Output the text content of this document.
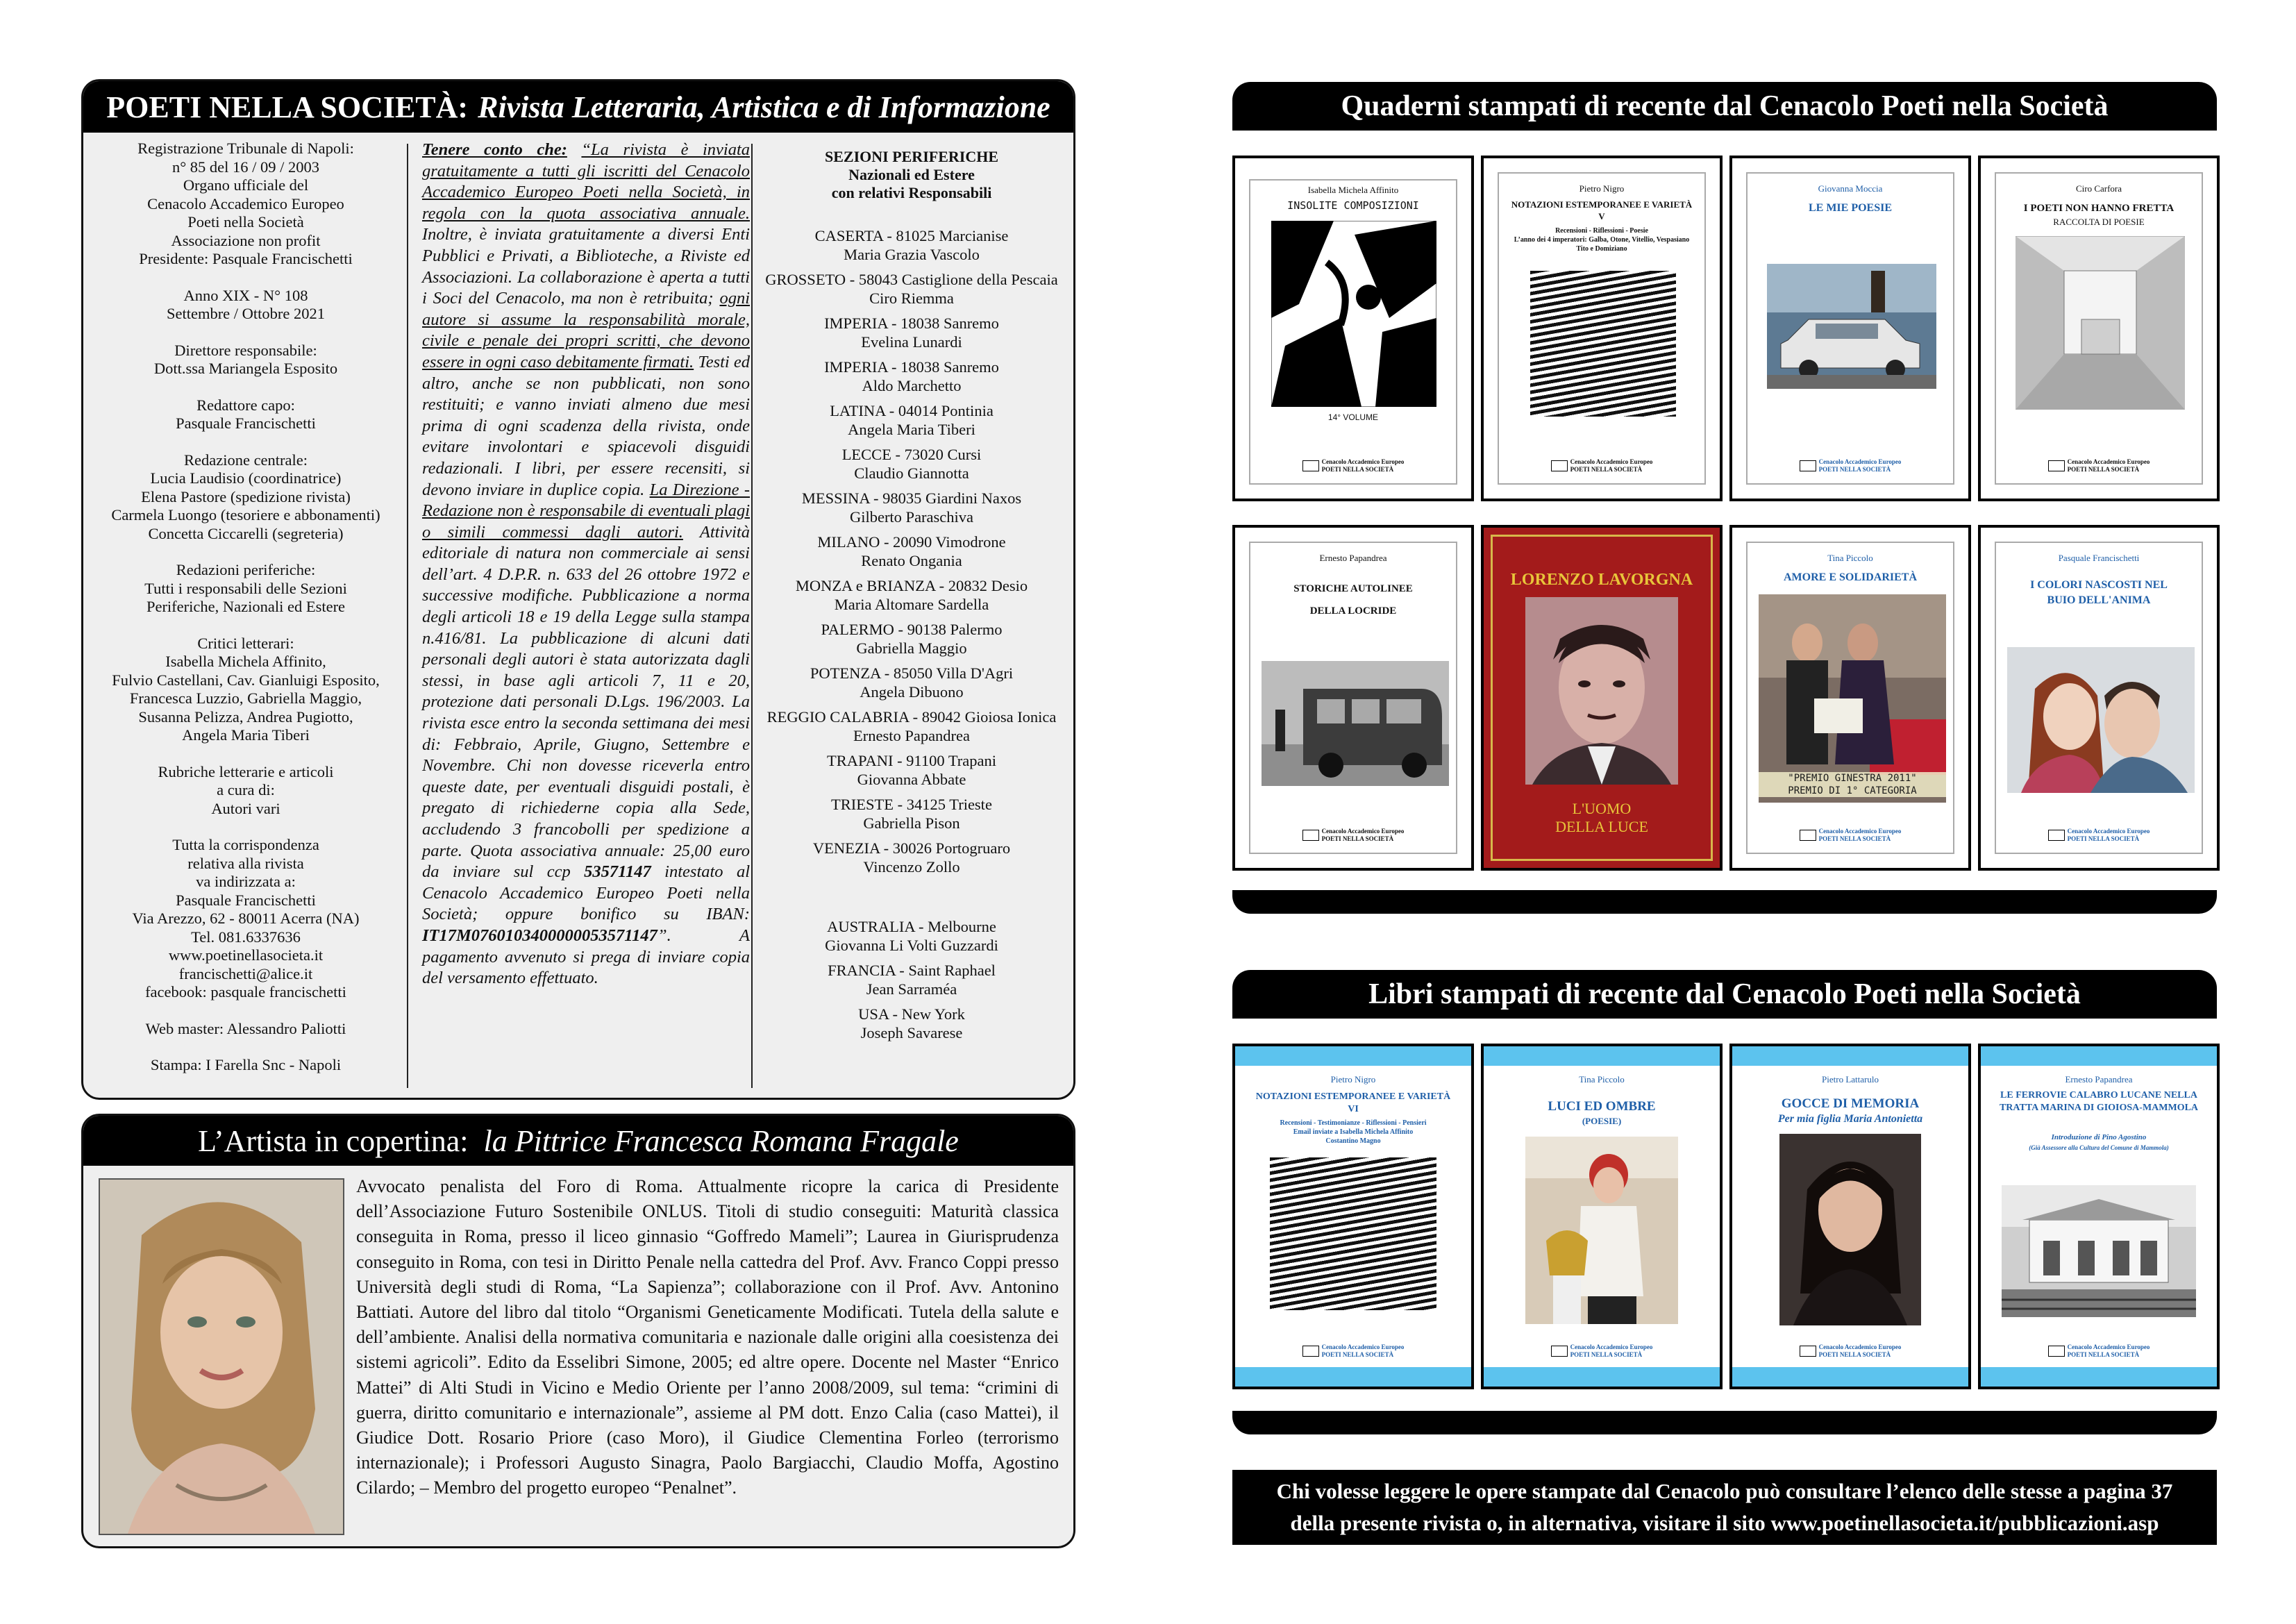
POETI NELLA SOCIETÀ: Rivista Letteraria, Artistica e di Informazione

Registrazione Tribunale di Napoli:
n° 85 del 16 / 09 / 2003
Organo ufficiale del
Cenacolo Accademico Europeo
Poeti nella Società
Associazione non profit
Presidente: Pasquale Francischetti

Anno XIX - N° 108
Settembre / Ottobre 2021

Direttore responsabile:
Dott.ssa Mariangela Esposito

Redattore capo:
Pasquale Francischetti

Redazione centrale:
Lucia Laudisio (coordinatrice)
Elena Pastore (spedizione rivista)
Carmela Luongo (tesoriere e abbonamenti)
Concetta Ciccarelli (segreteria)

Redazioni periferiche:
Tutti i responsabili delle Sezioni
Periferiche, Nazionali ed Estere

Critici letterari:
Isabella Michela Affinito,
Fulvio Castellani, Cav. Gianluigi Esposito,
Francesca Luzzio, Gabriella Maggio,
Susanna Pelizza, Andrea Pugiotto,
Angela Maria Tiberi

Rubriche letterarie e articoli
a cura di:
Autori vari

Tutta la corrispondenza
relativa alla rivista
va indirizzata a:
Pasquale Francischetti
Via Arezzo, 62 - 80011 Acerra (NA)
Tel. 081.6337636
www.poetinellasocieta.it
francischetti@alice.it
facebook: pasquale francischetti

Web master: Alessandro Paliotti

Stampa: I Farella Snc - Napoli

Tenere conto che: “La rivista è inviata gratuitamente a tutti gli iscritti del Cenacolo Accademico Europeo Poeti nella Società, in regola con la quota associativa annuale. Inoltre, è inviata gratuitamente a diversi Enti Pubblici e Privati, a Biblioteche, a Riviste ed Associazioni. La collaborazione è aperta a tutti i Soci del Cenacolo, ma non è retribuita; ogni autore si assume la responsabilità morale, civile e penale dei propri scritti, che devono essere in ogni caso debitamente firmati. Testi ed altro, anche se non pubblicati, non sono restituiti; e vanno inviati almeno due mesi prima di ogni scadenza della rivista, onde evitare involontari e spiacevoli disguidi redazionali. I libri, per essere recensiti, si devono inviare in duplice copia. La Direzione - Redazione non è responsabile di eventuali plagi o simili commessi dagli autori. Attività editoriale di natura non commerciale ai sensi dell’art. 4 D.P.R. n. 633 del 26 ottobre 1972 e successive modifiche. Pubblicazione a norma degli articoli 18 e 19 della Legge sulla stampa n.416/81. La pubblicazione di alcuni dati personali degli autori è stata autorizzata dagli stessi, in base agli articoli 7, 11 e 20, protezione dati personali D.Lgs. 196/2003. La rivista esce entro la seconda settimana dei mesi di: Febbraio, Aprile, Giugno, Settembre e Novembre. Chi non dovesse riceverla entro queste date, per eventuali disguidi postali, è pregato di richiederne copia alla Sede, accludendo 3 francobolli per spedizione a parte. Quota associativa annuale: 25,00 euro da inviare sul ccp 53571147 intestato al Cenacolo Accademico Europeo Poeti nella Società; oppure bonifico su IBAN: IT17M0760103400000053571147”. A pagamento avvenuto si prega di inviare copia del versamento effettuato.
SEZIONI PERIFERICHE
Nazionali ed Estere
con relativi Responsabili

CASERTA - 81025 Marcianise
Maria Grazia Vascolo

GROSSETO - 58043 Castiglione della Pescaia
Ciro Riemma

IMPERIA - 18038 Sanremo
Evelina Lunardi

IMPERIA - 18038 Sanremo
Aldo Marchetto

LATINA - 04014 Pontinia
Angela Maria Tiberi

LECCE - 73020 Cursi
Claudio Giannotta

MESSINA - 98035 Giardini Naxos
Gilberto Paraschiva

MILANO - 20090 Vimodrone
Renato Ongania

MONZA e BRIANZA - 20832 Desio
Maria Altomare Sardella

PALERMO - 90138 Palermo
Gabriella Maggio

POTENZA - 85050 Villa D'Agri
Angela Dibuono

REGGIO CALABRIA - 89042 Gioiosa Ionica
Ernesto Papandrea

TRAPANI - 91100 Trapani
Giovanna Abbate

TRIESTE - 34125 Trieste
Gabriella Pison

VENEZIA - 30026 Portogruaro
Vincenzo Zollo

AUSTRALIA - Melbourne
Giovanna Li Volti Guzzardi

FRANCIA - Saint Raphael
Jean Sarraméa

USA - New York
Joseph Savarese

L’Artista in copertina: la Pittrice Francesca Romana Fragale
Avvocato penalista del Foro di Roma. Attualmente ricopre la carica di Presidente dell’Associazione Futuro Sostenibile ONLUS. Titoli di studio conseguiti: Maturità classica conseguita in Roma, presso il liceo ginnasio “Goffredo Mameli”; Laurea in Giurisprudenza conseguito in Roma, con tesi in Diritto Penale nella cattedra del Prof. Avv. Franco Coppi presso Università degli studi di Roma, “La Sapienza”; collaborazione con il Prof. Avv. Antonino Battiati. Autore del libro dal titolo “Organismi Geneticamente Modificati. Tutela della salute e dell’ambiente. Analisi della normativa comunitaria e nazionale dalle origini alla coesistenza dei sistemi agricoli”. Edito da Esselibri Simone, 2005; ed altre opere. Docente nel Master “Enrico Mattei” di Alti Studi in Vicino e Medio Oriente per l’anno 2008/2009, sul tema: “crimini di guerra, diritto comunitario e internazionale”, assieme al PM dott. Enzo Calia (caso Mattei), il Giudice Dott. Rosario Priore (caso Moro), il Giudice Clementina Forleo (terrorismo internazionale); i Professori Augusto Sinagra, Paolo Bargiacchi, Claudio Moffa, Agostino Cilardo; – Membro del progetto europeo “Penalnet”.
Quaderni stampati di recente dal Cenacolo Poeti nella Società
Isabella Michela Affinito
INSOLITE COMPOSIZIONI
14° VOLUME
Cenacolo Accademico Europeo
POETI NELLA SOCIETÀ
Pietro Nigro
NOTAZIONI ESTEMPORANEE E VARIETÀ
V
Recensioni - Riflessioni - Poesie
L’anno dei 4 imperatori: Galba, Otone, Vitellio, Vespasiano
Tito e Domiziano
Cenacolo Accademico Europeo
POETI NELLA SOCIETÀ
Giovanna Moccia
LE MIE POESIE
Cenacolo Accademico Europeo
POETI NELLA SOCIETÀ
Ciro Carfora
I POETI NON HANNO FRETTA
RACCOLTA DI POESIE
Cenacolo Accademico Europeo
POETI NELLA SOCIETÀ
Ernesto Papandrea
STORICHE AUTOLINEE DELLA LOCRIDE
Cenacolo Accademico Europeo
POETI NELLA SOCIETÀ
LORENZO LAVORGNA
L'UOMO DELLA LUCE
Tina Piccolo
AMORE E SOLIDARIETÀ
"PREMIO GINESTRA 2011"
PREMIO DI 1° CATEGORIA
Cenacolo Accademico Europeo
POETI NELLA SOCIETÀ
Pasquale Francischetti
I COLORI NASCOSTI NEL BUIO DELL'ANIMA
Cenacolo Accademico Europeo
POETI NELLA SOCIETÀ
Libri stampati di recente dal Cenacolo Poeti nella Società
Pietro Nigro
NOTAZIONI ESTEMPORANEE E VARIETÀ
VI
Recensioni - Testimonianze - Riflessioni - Pensieri
Email inviate a Isabella Michela Affinito
Costantino Magno
Cenacolo Accademico Europeo
POETI NELLA SOCIETÀ
Tina Piccolo
LUCI ED OMBRE
(POESIE)
Cenacolo Accademico Europeo
POETI NELLA SOCIETÀ
Pietro Lattarulo
GOCCE DI MEMORIA
Per mia figlia Maria Antonietta
Cenacolo Accademico Europeo
POETI NELLA SOCIETÀ
Ernesto Papandrea
LE FERROVIE CALABRO LUCANE NELLA TRATTA MARINA DI GIOIOSA-MAMMOLA
Introduzione di Pino Agostino
(Già Assessore alla Cultura del Comune di Mammola)
Cenacolo Accademico Europeo
POETI NELLA SOCIETÀ
Chi volesse leggere le opere stampate dal Cenacolo può consultare l’elenco delle stesse a pagina 37
della presente rivista o, in alternativa, visitare il sito www.poetinellasocieta.it/pubblicazioni.asp
